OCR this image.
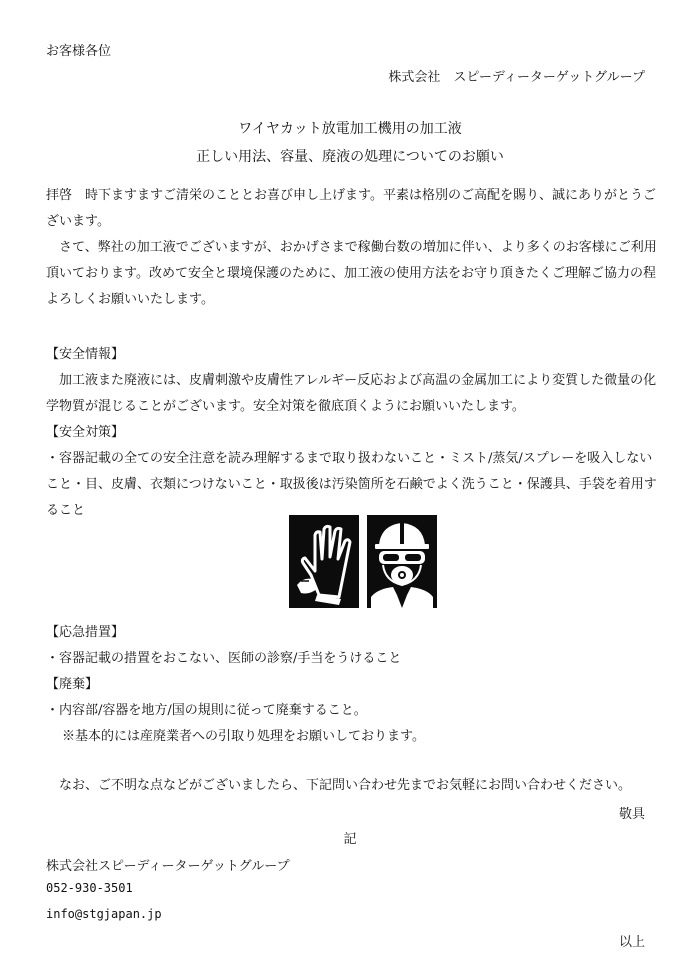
お客様各位
株式会社　スピーディーターゲットグループ
ワイヤカット放電加工機用の加工液
正しい用法、容量、廃液の処理についてのお願い
拝啓　時下ますますご清栄のこととお喜び申し上げます。平素は格別のご高配を賜り、誠にありがとうご
ざいます。
　さて、弊社の加工液でございますが、おかげさまで稼働台数の増加に伴い、より多くのお客様にご利用
頂いております。改めて安全と環境保護のために、加工液の使用方法をお守り頂きたくご理解ご協力の程
よろしくお願いいたします。
【安全情報】
　加工液また廃液には、皮膚刺激や皮膚性アレルギー反応および高温の金属加工により変質した微量の化
学物質が混じることがございます。安全対策を徹底頂くようにお願いいたします。
【安全対策】
・容器記載の全ての安全注意を読み理解するまで取り扱わないこと・ミスト/蒸気/スプレーを吸入しない
こと・目、皮膚、衣類につけないこと・取扱後は汚染箇所を石鹸でよく洗うこと・保護具、手袋を着用す
ること
【応急措置】
・容器記載の措置をおこない、医師の診察/手当をうけること
【廃棄】
・内容部/容器を地方/国の規則に従って廃棄すること。
※基本的には産廃業者への引取り処理をお願いしております。
　なお、ご不明な点などがございましたら、下記問い合わせ先までお気軽にお問い合わせください。
敬具
記
株式会社スピーディーターゲットグループ
052-930-3501
info@stgjapan.jp
以上
